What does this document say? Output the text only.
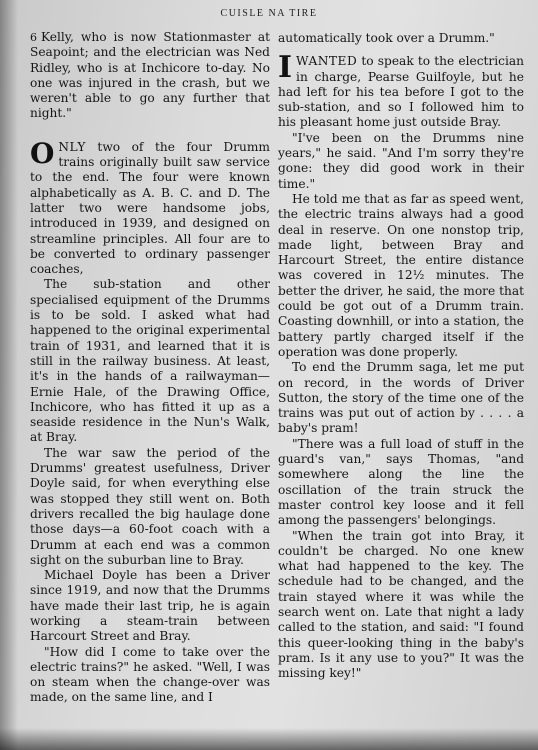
CUISLE NA TIRE

6 Kelly, who is now Stationmaster at Seapoint; and the electrician was Ned Ridley, who is at Inchicore to-day. No one was injured in the crash, but we weren't able to go any further that night."

ONLY two of the four Drumm trains originally built saw service to the end. The four were known alphabetically as A. B. C. and D. The latter two were handsome jobs, introduced in 1939, and designed on streamline principles. All four are to be converted to ordinary passenger coaches,

The sub-station and other specialised equipment of the Drumms is to be sold. I asked what had happened to the original experimental train of 1931, and learned that it is still in the railway business. At least, it's in the hands of a railwayman—Ernie Hale, of the Drawing Office, Inchicore, who has fitted it up as a seaside residence in the Nun's Walk, at Bray.

The war saw the period of the Drumms' greatest usefulness, Driver Doyle said, for when everything else was stopped they still went on. Both drivers recalled the big haulage done those days—a 60-foot coach with a Drumm at each end was a common sight on the suburban line to Bray.

Michael Doyle has been a Driver since 1919, and now that the Drumms have made their last trip, he is again working a steam-train between Harcourt Street and Bray.

"How did I come to take over the electric trains?" he asked. "Well, I was on steam when the change-over was made, on the same line, and I

automatically took over a Drumm."

IWANTED to speak to the electrician in charge, Pearse Guilfoyle, but he had left for his tea before I got to the sub-station, and so I followed him to his pleasant home just outside Bray.

"I've been on the Drumms nine years," he said. "And I'm sorry they're gone: they did good work in their time."

He told me that as far as speed went, the electric trains always had a good deal in reserve. On one nonstop trip, made light, between Bray and Harcourt Street, the entire distance was covered in 12½ minutes. The better the driver, he said, the more that could be got out of a Drumm train. Coasting downhill, or into a station, the battery partly charged itself if the operation was done properly.

To end the Drumm saga, let me put on record, in the words of Driver Sutton, the story of the time one of the trains was put out of action by . . . . a baby's pram!

"There was a full load of stuff in the guard's van," says Thomas, "and somewhere along the line the oscillation of the train struck the master control key loose and it fell among the passengers' belongings.

"When the train got into Bray, it couldn't be charged. No one knew what had happened to the key. The schedule had to be changed, and the train stayed where it was while the search went on. Late that night a lady called to the station, and said: "I found this queer-looking thing in the baby's pram. Is it any use to you?" It was the missing key!"
